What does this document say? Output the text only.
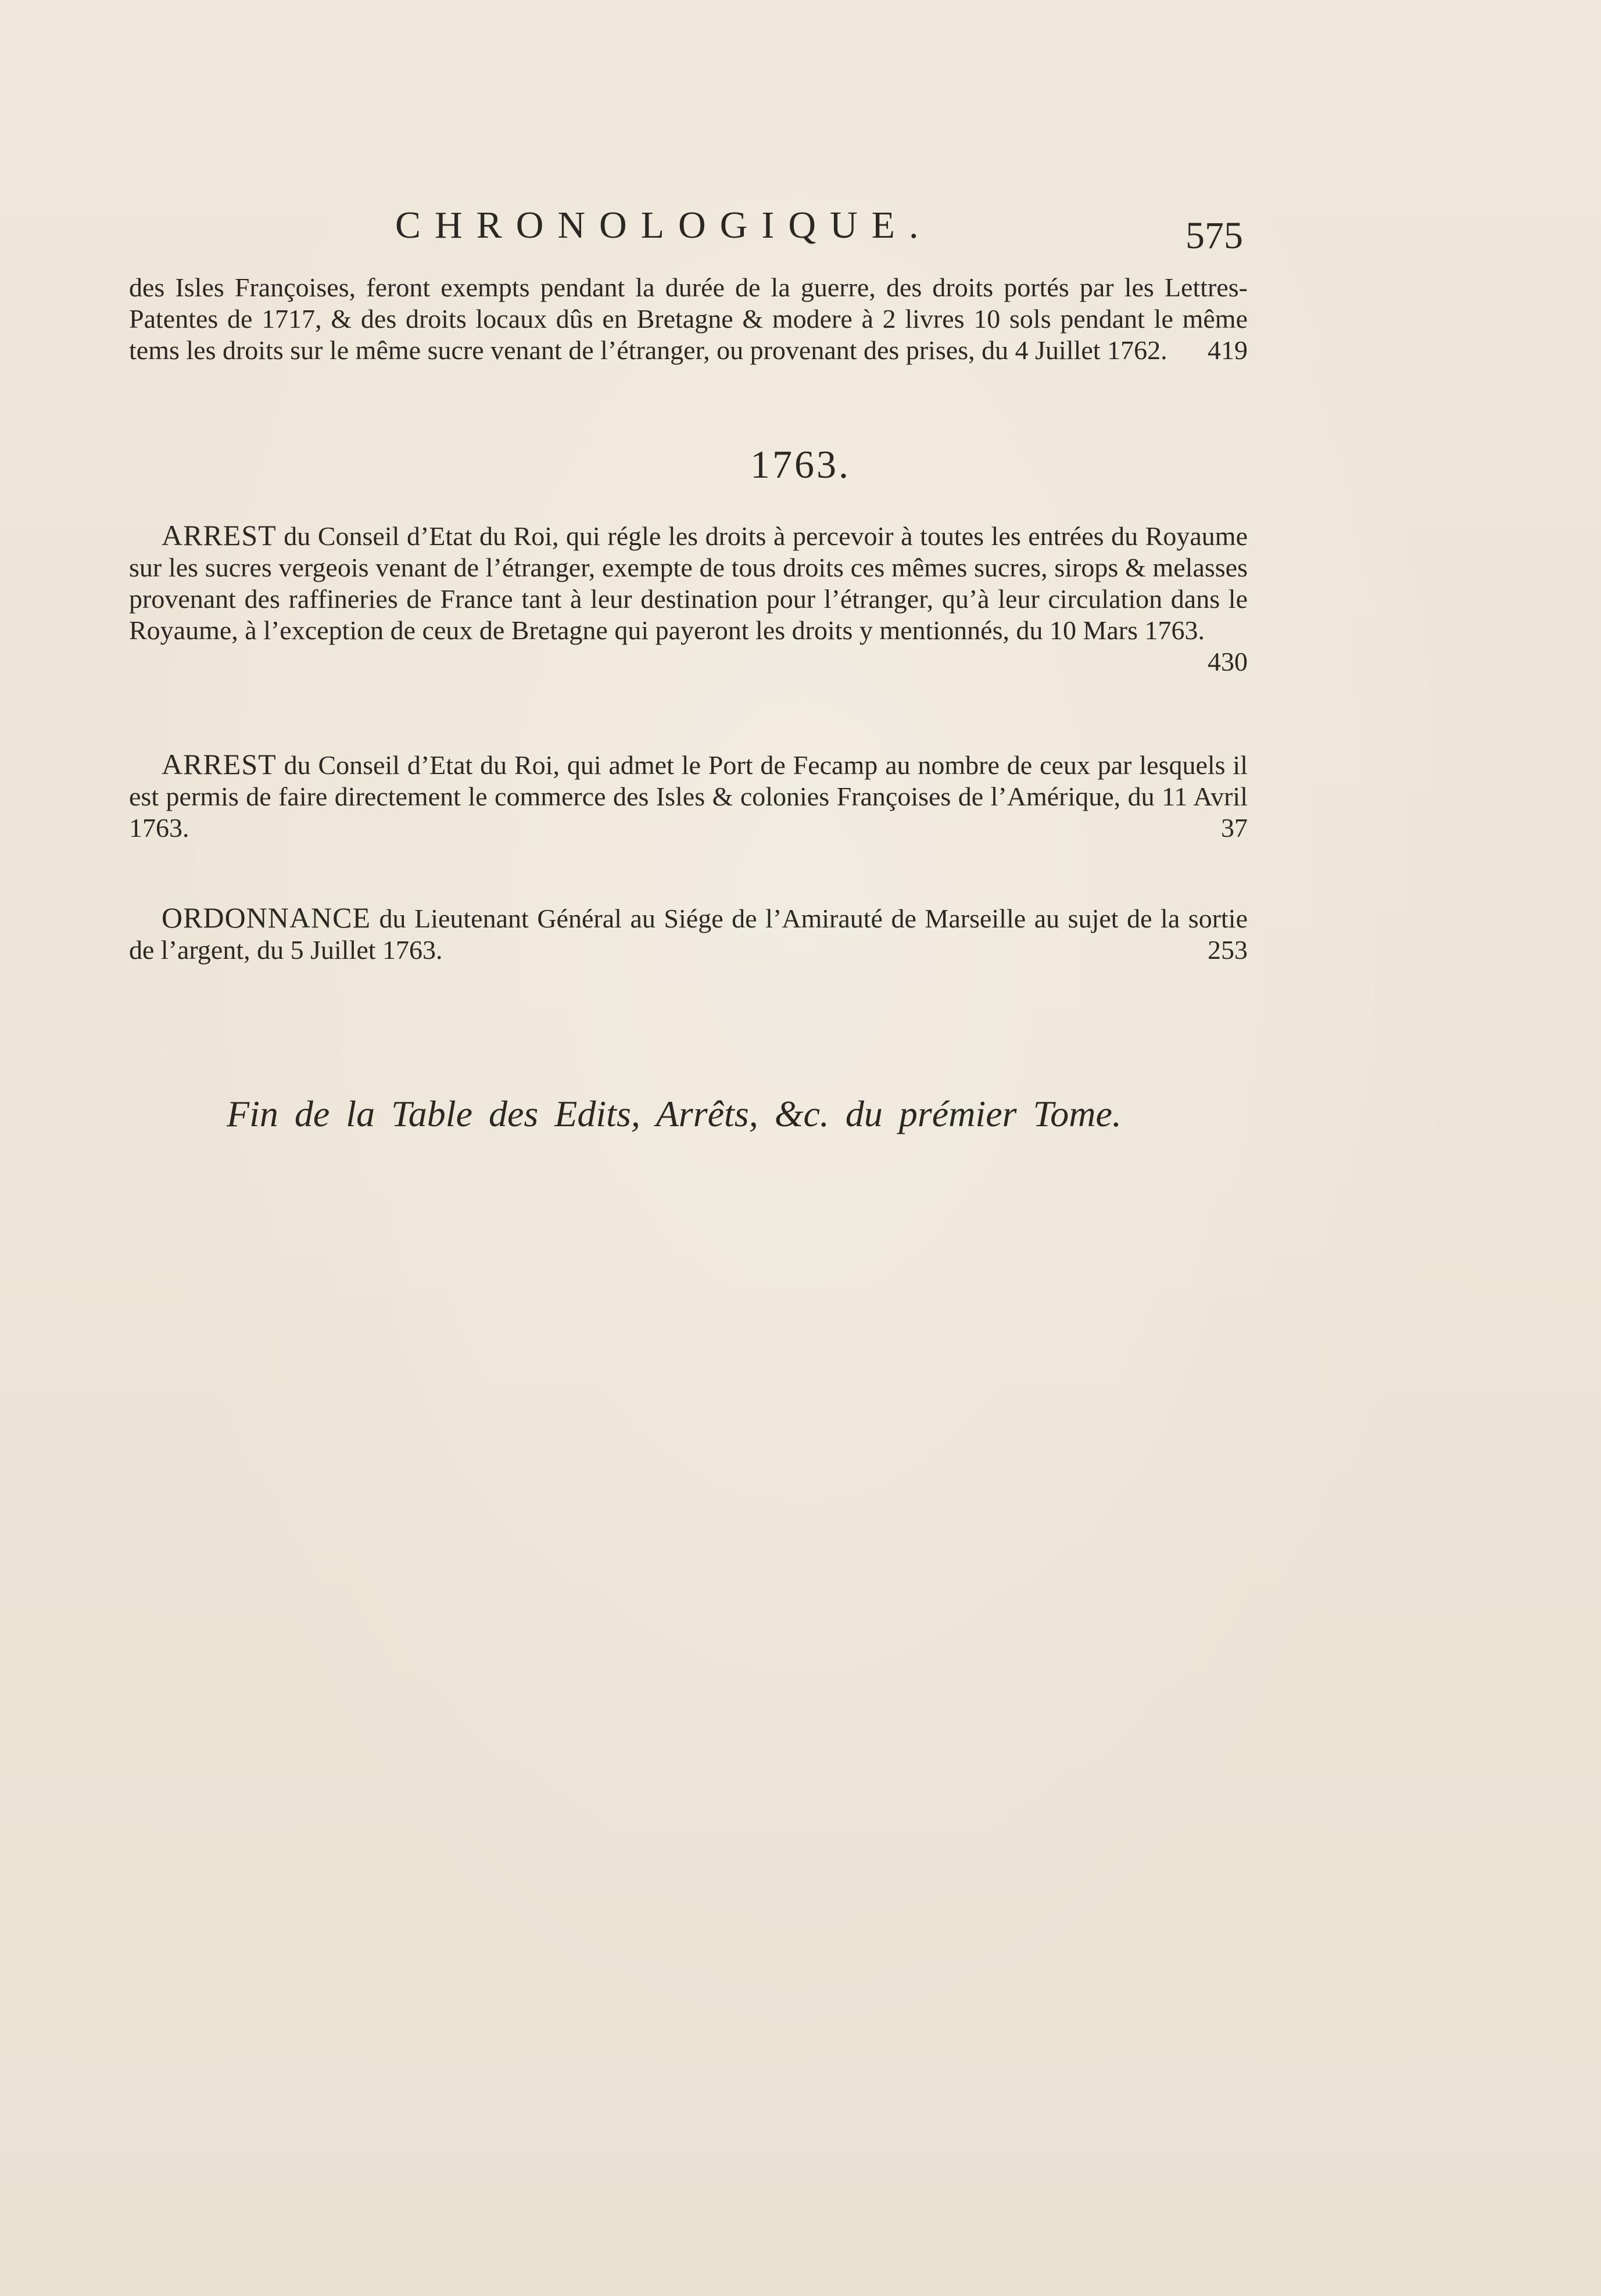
CHRONOLOGIQUE.	575
des Isles Françoises, feront exempts pendant la durée de la guerre, des droits portés par les Lettres-Patentes de 1717, & des droits locaux dûs en Bretagne & modere à 2 livres 10 sols pendant le même tems les droits sur le même sucre venant de l’étranger, ou provenant des prises, du 4 Juillet 1762. 419
1763.
ARREST du Conseil d’Etat du Roi, qui régle les droits à percevoir à toutes les entrées du Royaume sur les sucres vergeois venant de l’étranger, exempte de tous droits ces mêmes sucres, sirops & melasses provenant des raffineries de France tant à leur destination pour l’étranger, qu’à leur circulation dans le Royaume, à l’exception de ceux de Bretagne qui payeront les droits y mentionnés, du 10 Mars 1763.
430
ARREST du Conseil d’Etat du Roi, qui admet le Port de Fecamp au nombre de ceux par lesquels il est permis de faire directement le commerce des Isles & colonies Françoises de l’Amérique, du 11 Avril 1763.	37
ORDONNANCE du Lieutenant Général au Siége de l’Amirauté de Marseille au sujet de la sortie de l’argent, du 5 Juillet 1763.	253
Fin de la Table des Edits, Arrêts, &c. du prémier Tome.
